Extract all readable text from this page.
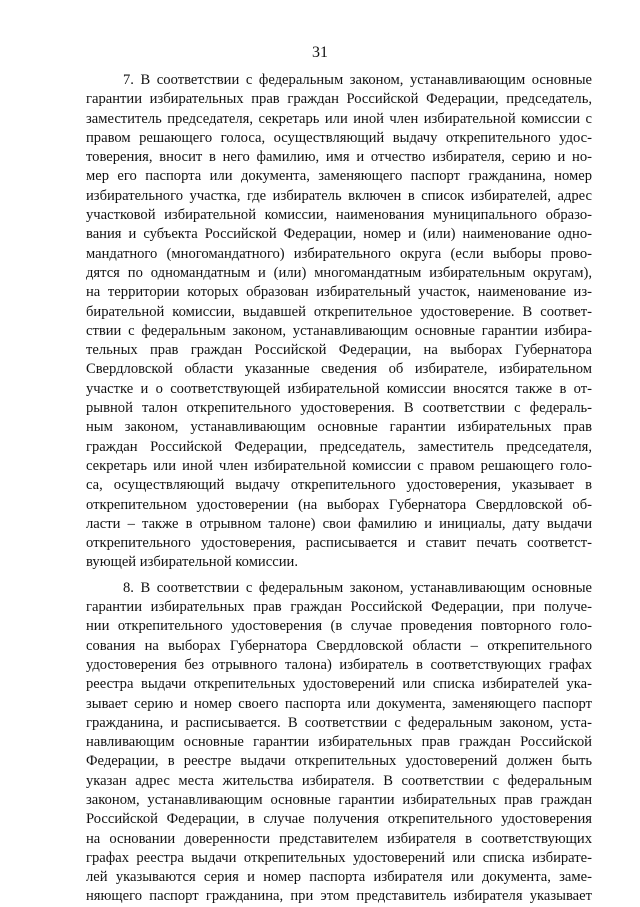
31
7. В соответствии с федеральным законом, устанавливающим основные
гарантии избирательных прав граждан Российской Федерации, председатель,
заместитель председателя, секретарь или иной член избирательной комиссии с
правом решающего голоса, осуществляющий выдачу открепительного удос-
товерения, вносит в него фамилию, имя и отчество избирателя, серию и но-
мер его паспорта или документа, заменяющего паспорт гражданина, номер
избирательного участка, где избиратель включен в список избирателей, адрес
участковой избирательной комиссии, наименования муниципального образо-
вания и субъекта Российской Федерации, номер и (или) наименование одно-
мандатного (многомандатного) избирательного округа (если выборы прово-
дятся по одномандатным и (или) многомандатным избирательным округам),
на территории которых образован избирательный участок, наименование из-
бирательной комиссии, выдавшей открепительное удостоверение. В соответ-
ствии с федеральным законом, устанавливающим основные гарантии избира-
тельных прав граждан Российской Федерации, на выборах Губернатора
Свердловской области указанные сведения об избирателе, избирательном
участке и о соответствующей избирательной комиссии вносятся также в от-
рывной талон открепительного удостоверения. В соответствии с федераль-
ным законом, устанавливающим основные гарантии избирательных прав
граждан Российской Федерации, председатель, заместитель председателя,
секретарь или иной член избирательной комиссии с правом решающего голо-
са, осуществляющий выдачу открепительного удостоверения, указывает в
открепительном удостоверении (на выборах Губернатора Свердловской об-
ласти – также в отрывном талоне) свои фамилию и инициалы, дату выдачи
открепительного удостоверения, расписывается и ставит печать соответст-
вующей избирательной комиссии.
8. В соответствии с федеральным законом, устанавливающим основные
гарантии избирательных прав граждан Российской Федерации, при получе-
нии открепительного удостоверения (в случае проведения повторного голо-
сования на выборах Губернатора Свердловской области – открепительного
удостоверения без отрывного талона) избиратель в соответствующих графах
реестра выдачи открепительных удостоверений или списка избирателей ука-
зывает серию и номер своего паспорта или документа, заменяющего паспорт
гражданина, и расписывается. В соответствии с федеральным законом, уста-
навливающим основные гарантии избирательных прав граждан Российской
Федерации, в реестре выдачи открепительных удостоверений должен быть
указан адрес места жительства избирателя. В соответствии с федеральным
законом, устанавливающим основные гарантии избирательных прав граждан
Российской Федерации, в случае получения открепительного удостоверения
на основании доверенности представителем избирателя в соответствующих
графах реестра выдачи открепительных удостоверений или списка избирате-
лей указываются серия и номер паспорта избирателя или документа, заме-
няющего паспорт гражданина, при этом представитель избирателя указывает
